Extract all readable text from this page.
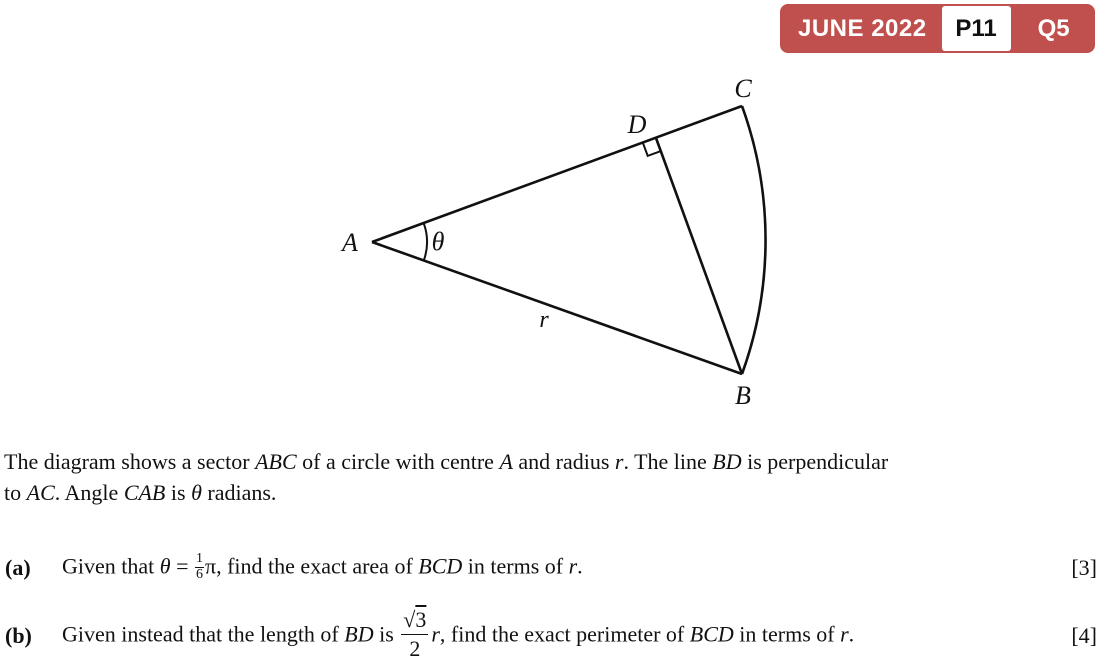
JUNE 2022 P11 Q5
A
C
D
B
θ
r
The diagram shows a sector ABC of a circle with centre A and radius r. The line BD is perpendicular
to AC. Angle CAB is θ radians.
(a)	Given that $\theta = \frac{1}{6} \pi$, find the exact area of BCD in terms of r.	[3]
(b)	Given instead that the length of BD is $\frac{√3}{2} r$, find the exact perimeter of BCD in terms of r.	[4]
